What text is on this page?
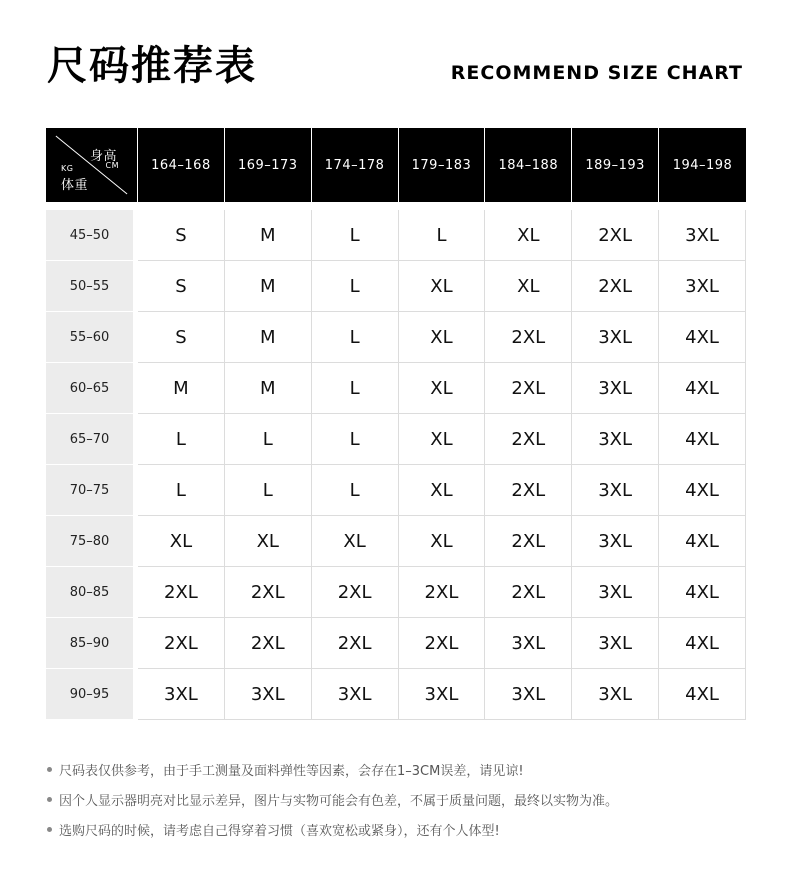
尺码推荐表	RECOMMEND SIZE CHART
身高
CM
KG
体重	164–168	169–173	174–178	179–183	184–188	189–193	194–198

45–50	S	M	L	L	XL	2XL	3XL
50–55	S	M	L	XL	XL	2XL	3XL
55–60	S	M	L	XL	2XL	3XL	4XL
60–65	M	M	L	XL	2XL	3XL	4XL
65–70	L	L	L	XL	2XL	3XL	4XL
70–75	L	L	L	XL	2XL	3XL	4XL
75–80	XL	XL	XL	XL	2XL	3XL	4XL
80–85	2XL	2XL	2XL	2XL	2XL	3XL	4XL
85–90	2XL	2XL	2XL	2XL	3XL	3XL	4XL
90–95	3XL	3XL	3XL	3XL	3XL	3XL	4XL
尺码表仅供参考，由于手工测量及面料弹性等因素，会存在1–3CM误差，请见谅!
因个人显示器明亮对比显示差异，图片与实物可能会有色差，不属于质量问题，最终以实物为准。
选购尺码的时候，请考虑自己得穿着习惯（喜欢宽松或紧身），还有个人体型!
